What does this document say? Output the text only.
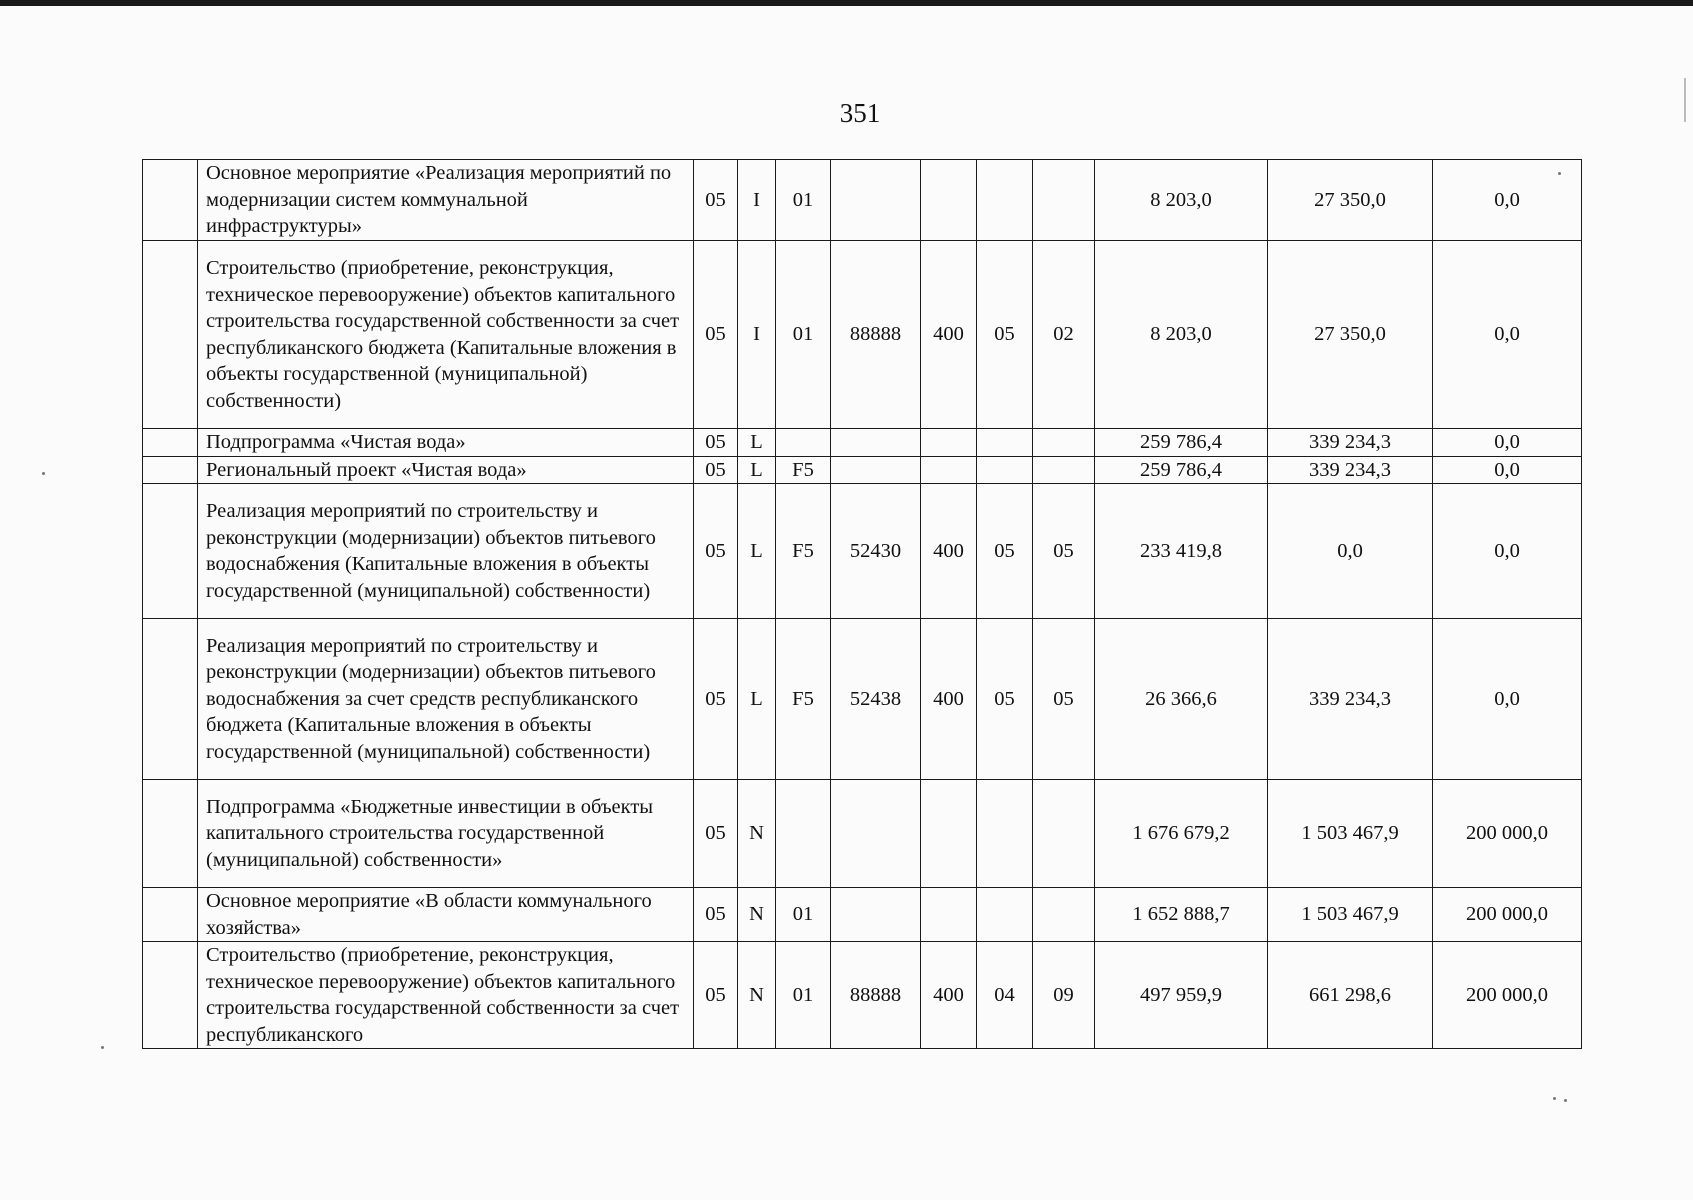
351
	Основное мероприятие «Реализация мероприятий по модернизации систем коммунальной инфраструктуры»	05	I	01					8 203,0	27 350,0	0,0
	Строительство (приобретение, реконструкция, техническое перевооружение) объектов капитального строительства государственной собственности за счет республиканского бюджета (Капитальные вложения в объекты государственной (муниципальной) собственности)	05	I	01	88888	400	05	02	8 203,0	27 350,0	0,0
	Подпрограмма «Чистая вода»	05	L						259 786,4	339 234,3	0,0
	Региональный проект «Чистая вода»	05	L	F5					259 786,4	339 234,3	0,0
	Реализация мероприятий по строительству и реконструкции (модернизации) объектов питьевого водоснабжения (Капитальные вложения в объекты государственной (муниципальной) собственности)	05	L	F5	52430	400	05	05	233 419,8	0,0	0,0
	Реализация мероприятий по строительству и реконструкции (модернизации) объектов питьевого водоснабжения за счет средств республиканского бюджета (Капитальные вложения в объекты государственной (муниципальной) собственности)	05	L	F5	52438	400	05	05	26 366,6	339 234,3	0,0
	Подпрограмма «Бюджетные инвестиции в объекты капитального строительства государственной (муниципальной) собственности»	05	N						1 676 679,2	1 503 467,9	200 000,0
	Основное мероприятие «В области коммунального хозяйства»	05	N	01					1 652 888,7	1 503 467,9	200 000,0
	Строительство (приобретение, реконструкция, техническое перевооружение) объектов капитального строительства государственной собственности за счет республиканского	05	N	01	88888	400	04	09	497 959,9	661 298,6	200 000,0
